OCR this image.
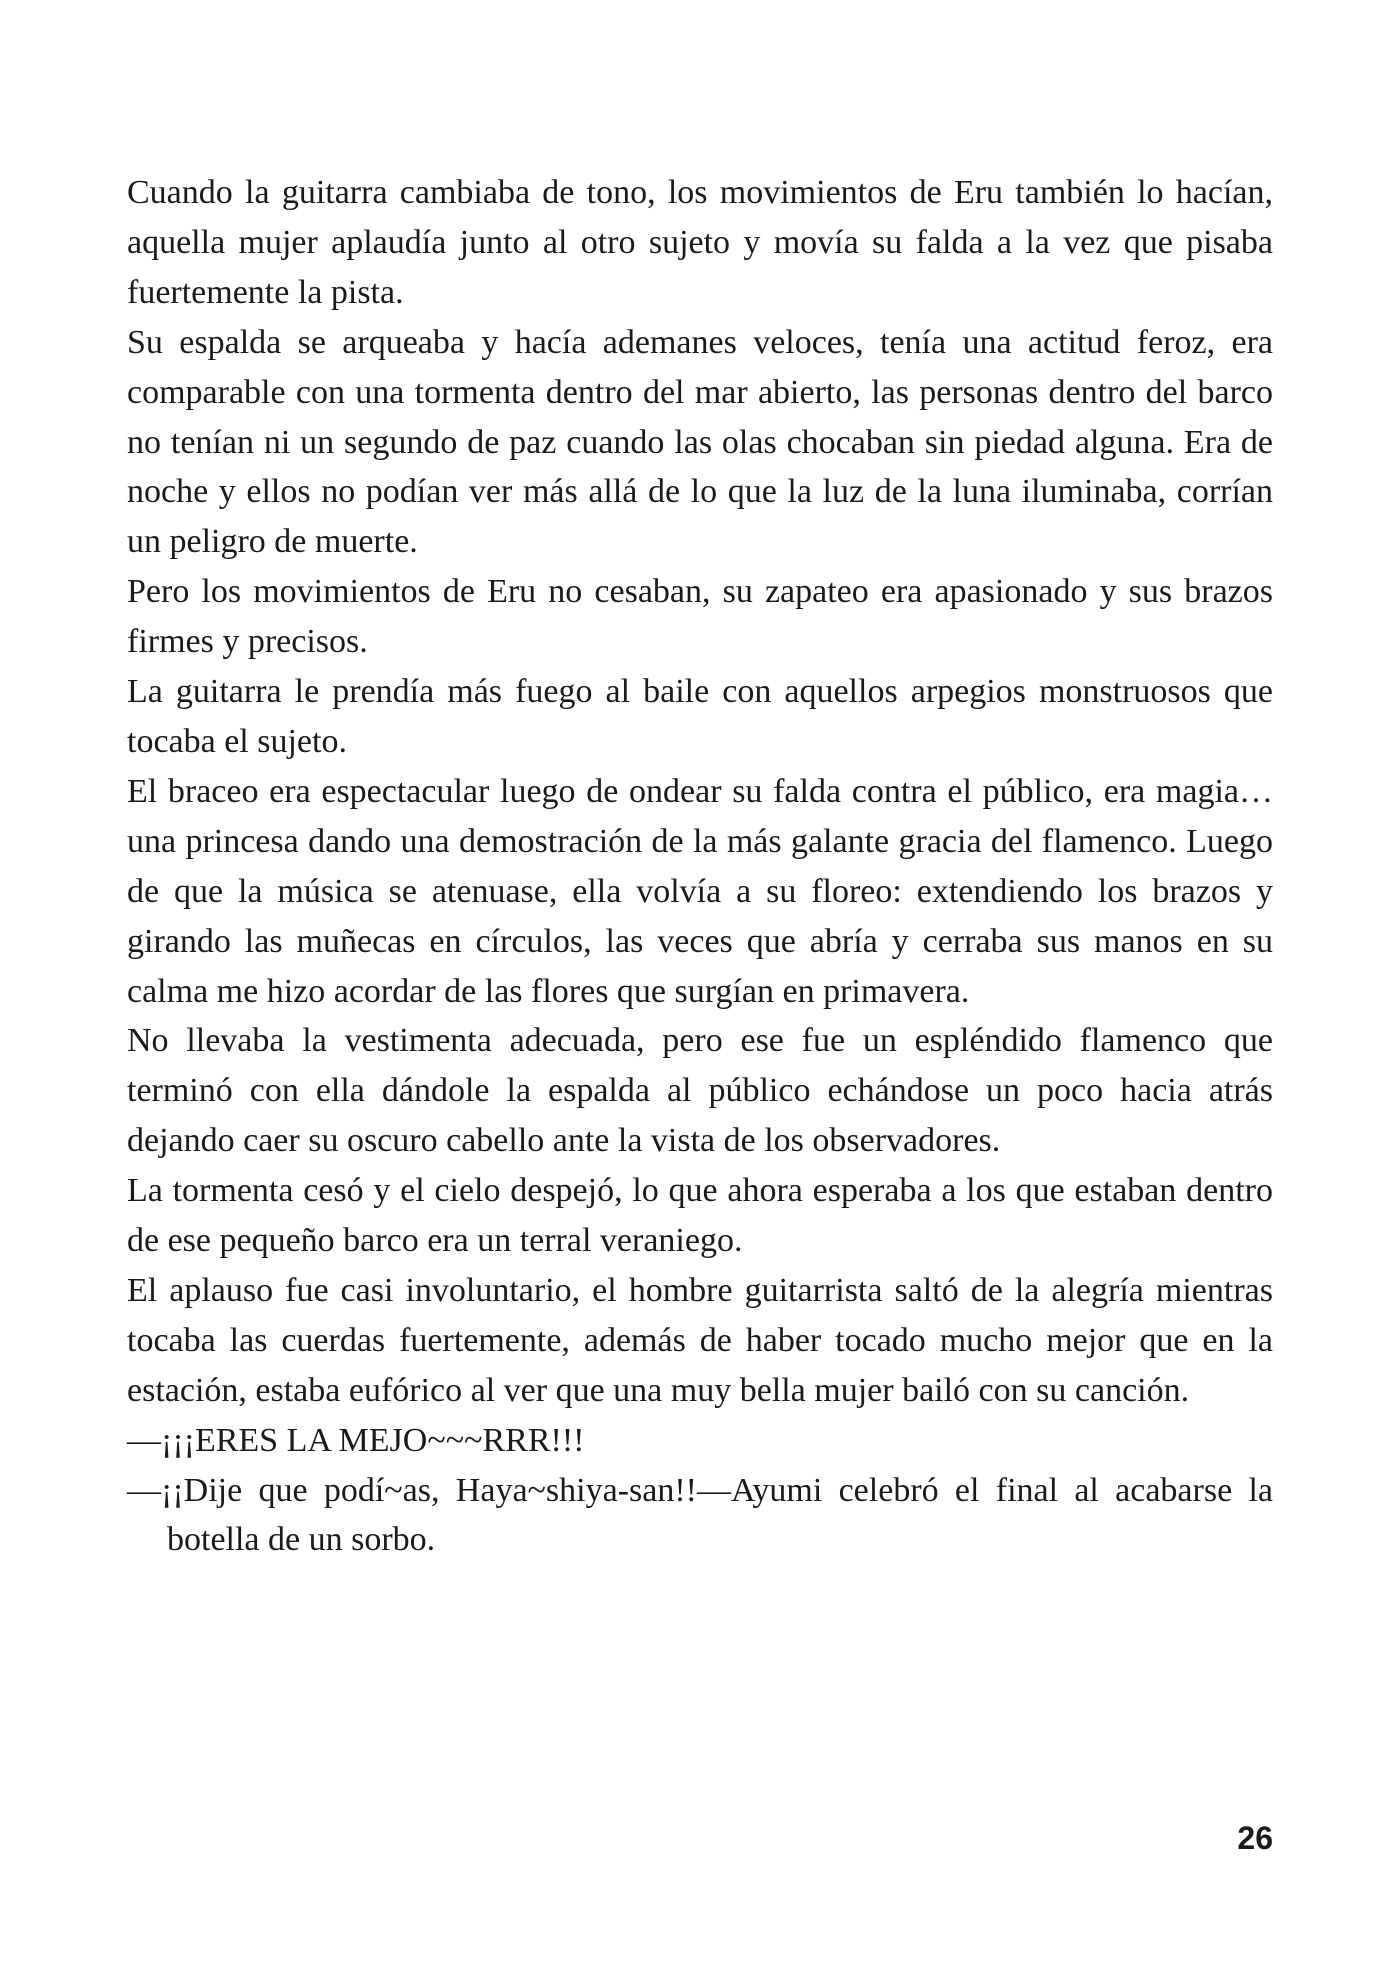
Cuando la guitarra cambiaba de tono, los movimientos de Eru también lo hacían, aquella mujer aplaudía junto al otro sujeto y movía su falda a la vez que pisaba fuertemente la pista.

Su espalda se arqueaba y hacía ademanes veloces, tenía una actitud feroz, era comparable con una tormenta dentro del mar abierto, las personas dentro del barco no tenían ni un segundo de paz cuando las olas chocaban sin piedad alguna. Era de noche y ellos no podían ver más allá de lo que la luz de la luna iluminaba, corrían un peligro de muerte.

Pero los movimientos de Eru no cesaban, su zapateo era apasionado y sus brazos firmes y precisos.

La guitarra le prendía más fuego al baile con aquellos arpegios monstruosos que tocaba el sujeto.

El braceo era espectacular luego de ondear su falda contra el público, era magia… una princesa dando una demostración de la más galante gracia del flamenco. Luego de que la música se atenuase, ella volvía a su floreo: extendiendo los brazos y girando las muñecas en círculos, las veces que abría y cerraba sus manos en su calma me hizo acordar de las flores que surgían en primavera.

No llevaba la vestimenta adecuada, pero ese fue un espléndido flamenco que terminó con ella dándole la espalda al público echándose un poco hacia atrás dejando caer su oscuro cabello ante la vista de los observadores.

La tormenta cesó y el cielo despejó, lo que ahora esperaba a los que estaban dentro de ese pequeño barco era un terral veraniego.

El aplauso fue casi involuntario, el hombre guitarrista saltó de la alegría mientras tocaba las cuerdas fuertemente, además de haber tocado mucho mejor que en la estación, estaba eufórico al ver que una muy bella mujer bailó con su canción.

—¡¡¡ERES LA MEJO~~~RRR!!!

—¡¡Dije que podí~as, Haya~shiya-san!!—Ayumi celebró el final al acabarse la botella de un sorbo.

26
